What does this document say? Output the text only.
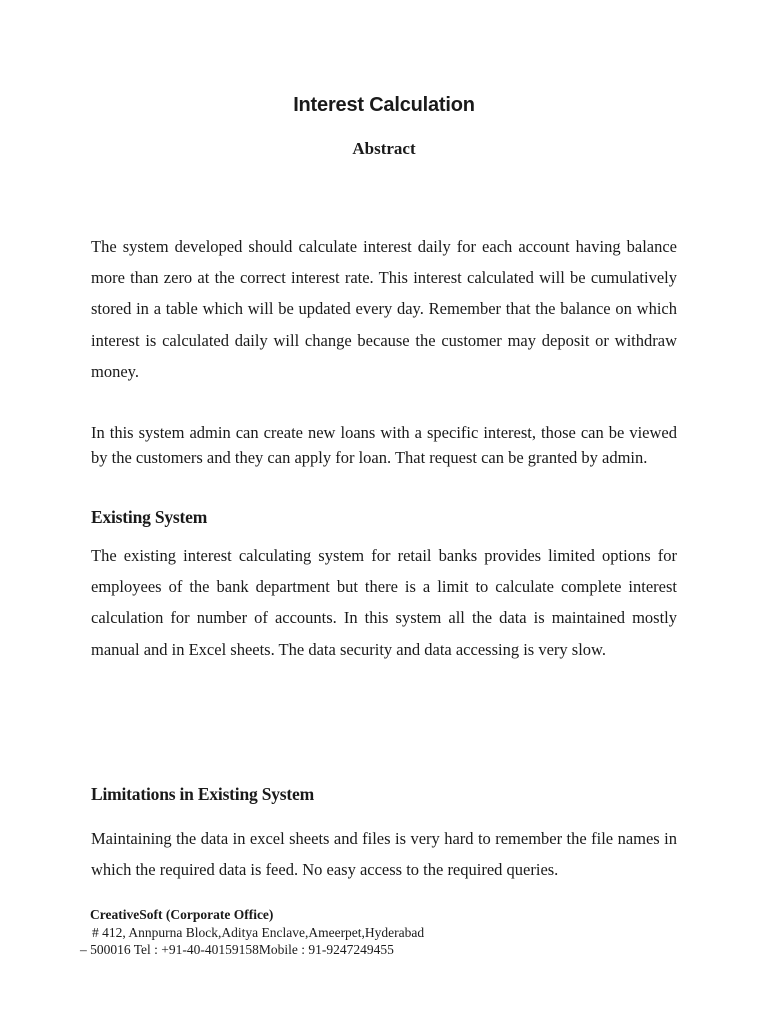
Interest Calculation
Abstract

The system developed should calculate interest daily for each account having balance more than zero at the correct interest rate. This interest calculated will be cumulatively stored in a table which will be updated every day. Remember that the balance on which interest is calculated daily will change because the customer may deposit or withdraw money.

In this system admin can create new loans with a specific interest, those can be viewed by the customers and they can apply for loan. That request can be granted by admin.

Existing System

The existing interest calculating system for retail banks provides limited options for employees of the bank department but there is a limit to calculate complete interest calculation for number of accounts. In this system all the data is maintained mostly manual and in Excel sheets. The data security and data accessing is very slow.

Limitations in Existing System

Maintaining the data in excel sheets and files is very hard to remember the file names in which the required data is feed. No easy access to the required queries.

CreativeSoft (Corporate Office)
# 412, Annpurna Block,Aditya Enclave,Ameerpet,Hyderabad
– 500016 Tel : +91-40-40159158Mobile : 91-9247249455
